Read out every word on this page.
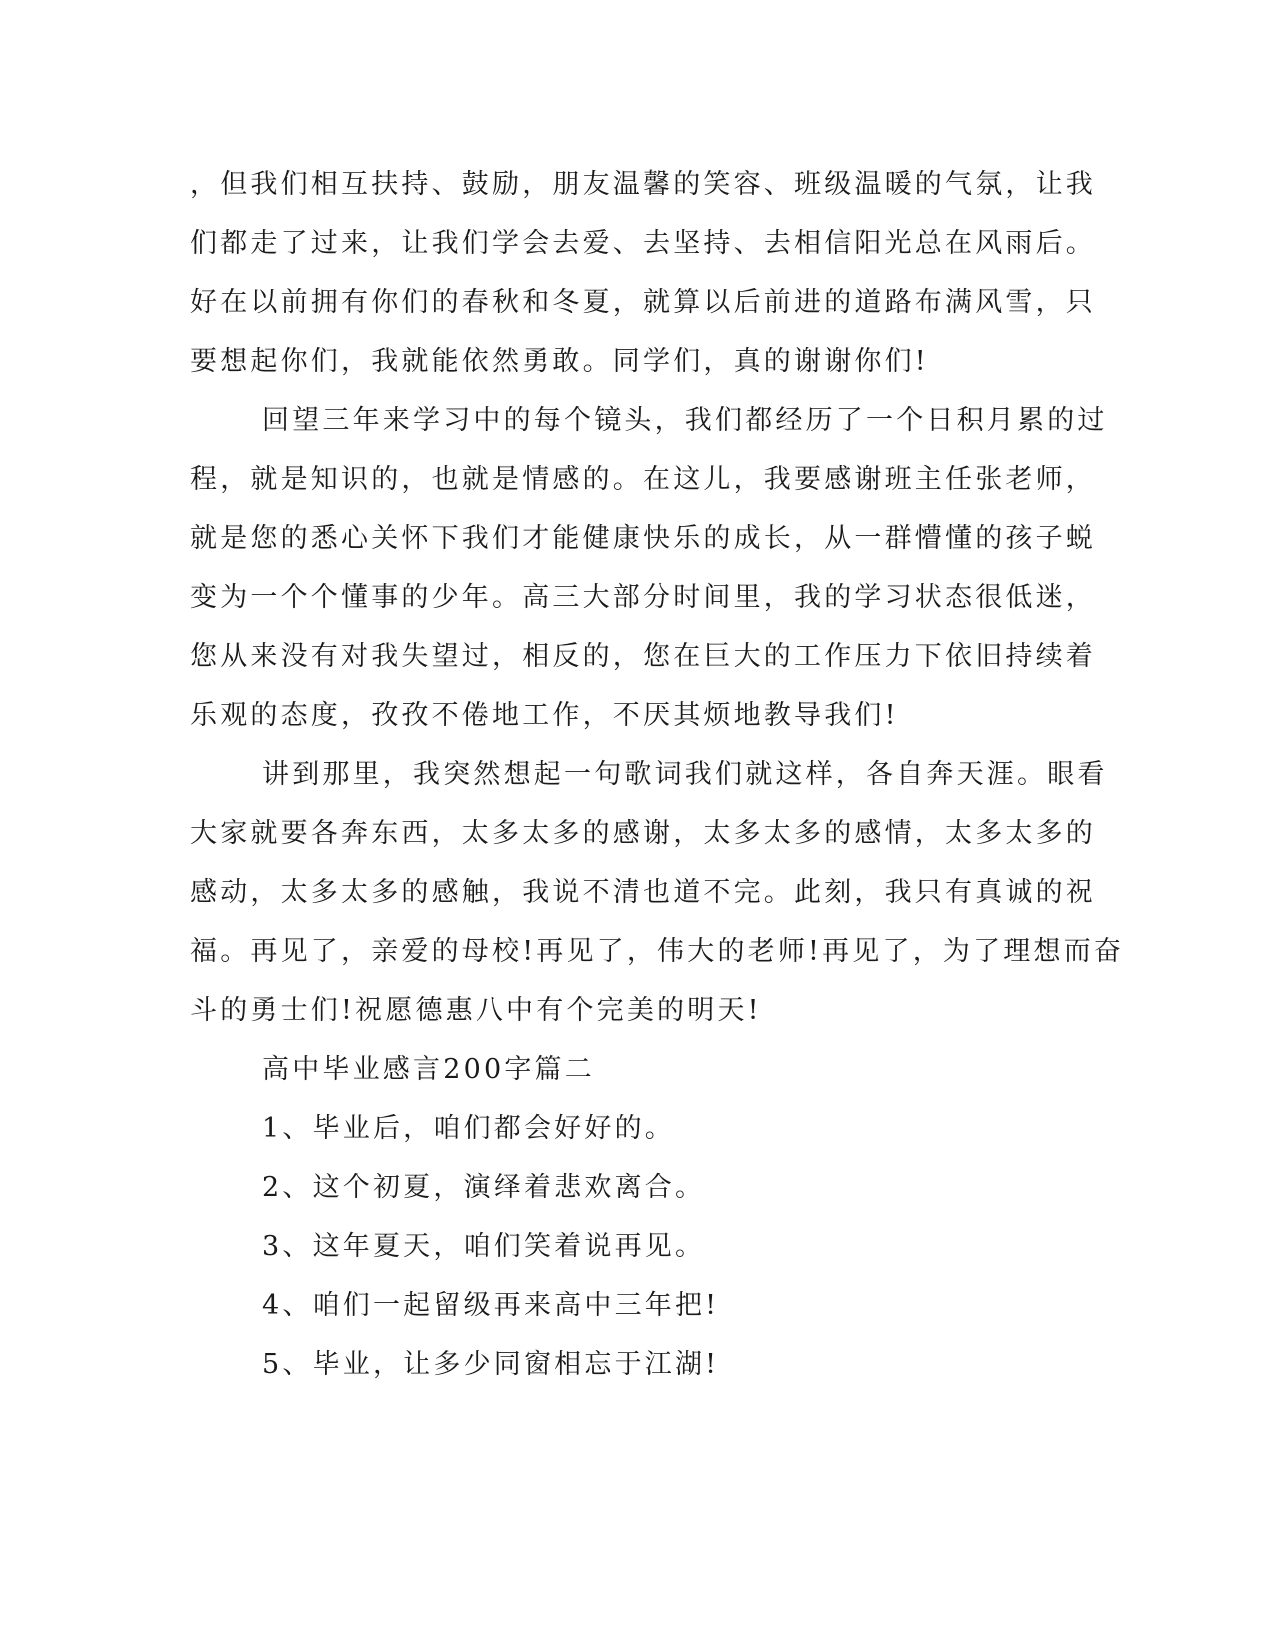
，但我们相互扶持、鼓励，朋友温馨的笑容、班级温暖的气氛，让我

们都走了过来，让我们学会去爱、去坚持、去相信阳光总在风雨后。

好在以前拥有你们的春秋和冬夏，就算以后前进的道路布满风雪，只

要想起你们，我就能依然勇敢。同学们，真的谢谢你们!

回望三年来学习中的每个镜头，我们都经历了一个日积月累的过

程，就是知识的，也就是情感的。在这儿，我要感谢班主任张老师，

就是您的悉心关怀下我们才能健康快乐的成长，从一群懵懂的孩子蜕

变为一个个懂事的少年。高三大部分时间里，我的学习状态很低迷，

您从来没有对我失望过，相反的，您在巨大的工作压力下依旧持续着

乐观的态度，孜孜不倦地工作，不厌其烦地教导我们!

讲到那里，我突然想起一句歌词我们就这样，各自奔天涯。眼看

大家就要各奔东西，太多太多的感谢，太多太多的感情，太多太多的

感动，太多太多的感触，我说不清也道不完。此刻，我只有真诚的祝

福。再见了，亲爱的母校!再见了，伟大的老师!再见了，为了理想而奋

斗的勇士们!祝愿德惠八中有个完美的明天!

高中毕业感言200字篇二

1、毕业后，咱们都会好好的。

2、这个初夏，演绎着悲欢离合。

3、这年夏天，咱们笑着说再见。

4、咱们一起留级再来高中三年把!

5、毕业，让多少同窗相忘于江湖!
